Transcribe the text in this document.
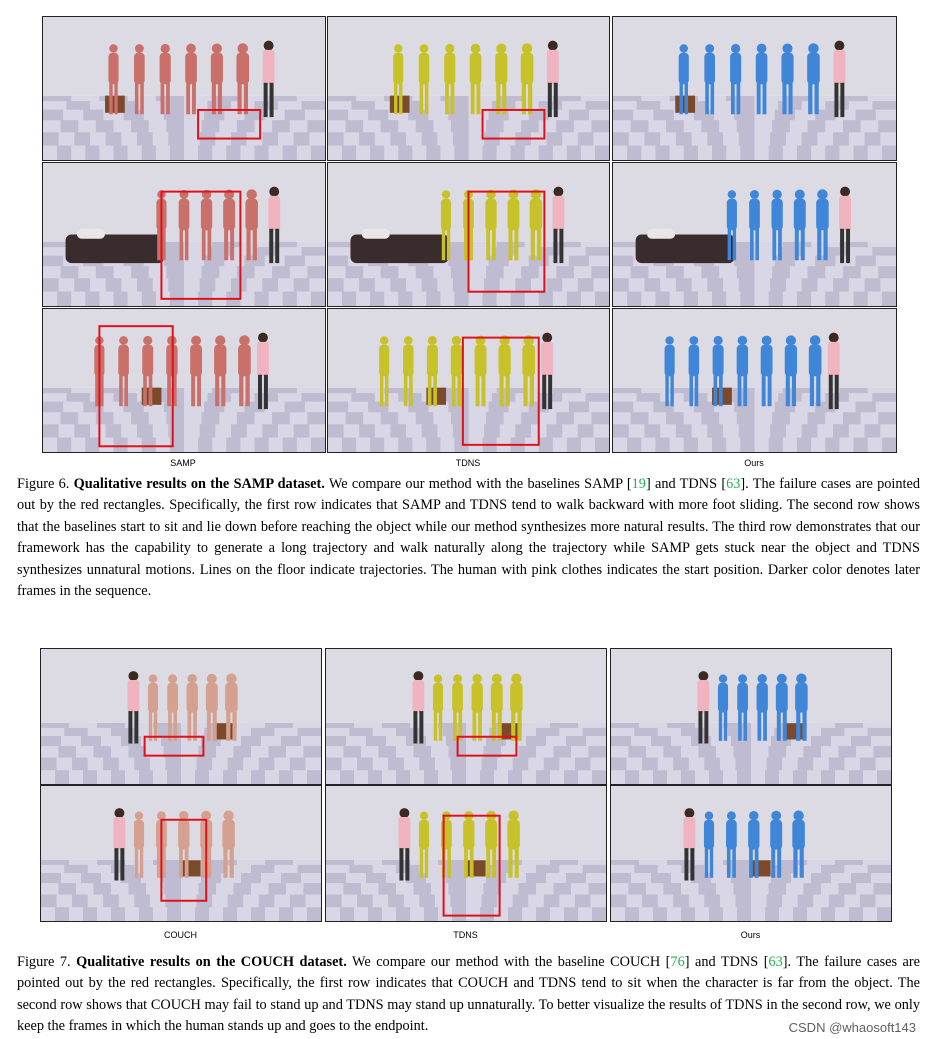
SAMP	TDNS	Ours
Figure 6. Qualitative results on the SAMP dataset. We compare our method with the baselines SAMP [19] and TDNS [63]. The failure cases are pointed out by the red rectangles. Specifically, the first row indicates that SAMP and TDNS tend to walk backward with more foot sliding. The second row shows that the baselines start to sit and lie down before reaching the object while our method synthesizes more natural results. The third row demonstrates that our framework has the capability to generate a long trajectory and walk naturally along the trajectory while SAMP gets stuck near the object and TDNS synthesizes unnatural motions. Lines on the floor indicate trajectories. The human with pink clothes indicates the start position. Darker color denotes later frames in the sequence.
COUCH	TDNS	Ours
Figure 7. Qualitative results on the COUCH dataset. We compare our method with the baseline COUCH [76] and TDNS [63]. The failure cases are pointed out by the red rectangles. Specifically, the first row indicates that COUCH and TDNS tend to sit when the character is far from the object. The second row shows that COUCH may fail to stand up and TDNS may stand up unnaturally. To better visualize the results of TDNS in the second row, we only keep the frames in which the human stands up and goes to the endpoint.	CSDN @whaosoft143
